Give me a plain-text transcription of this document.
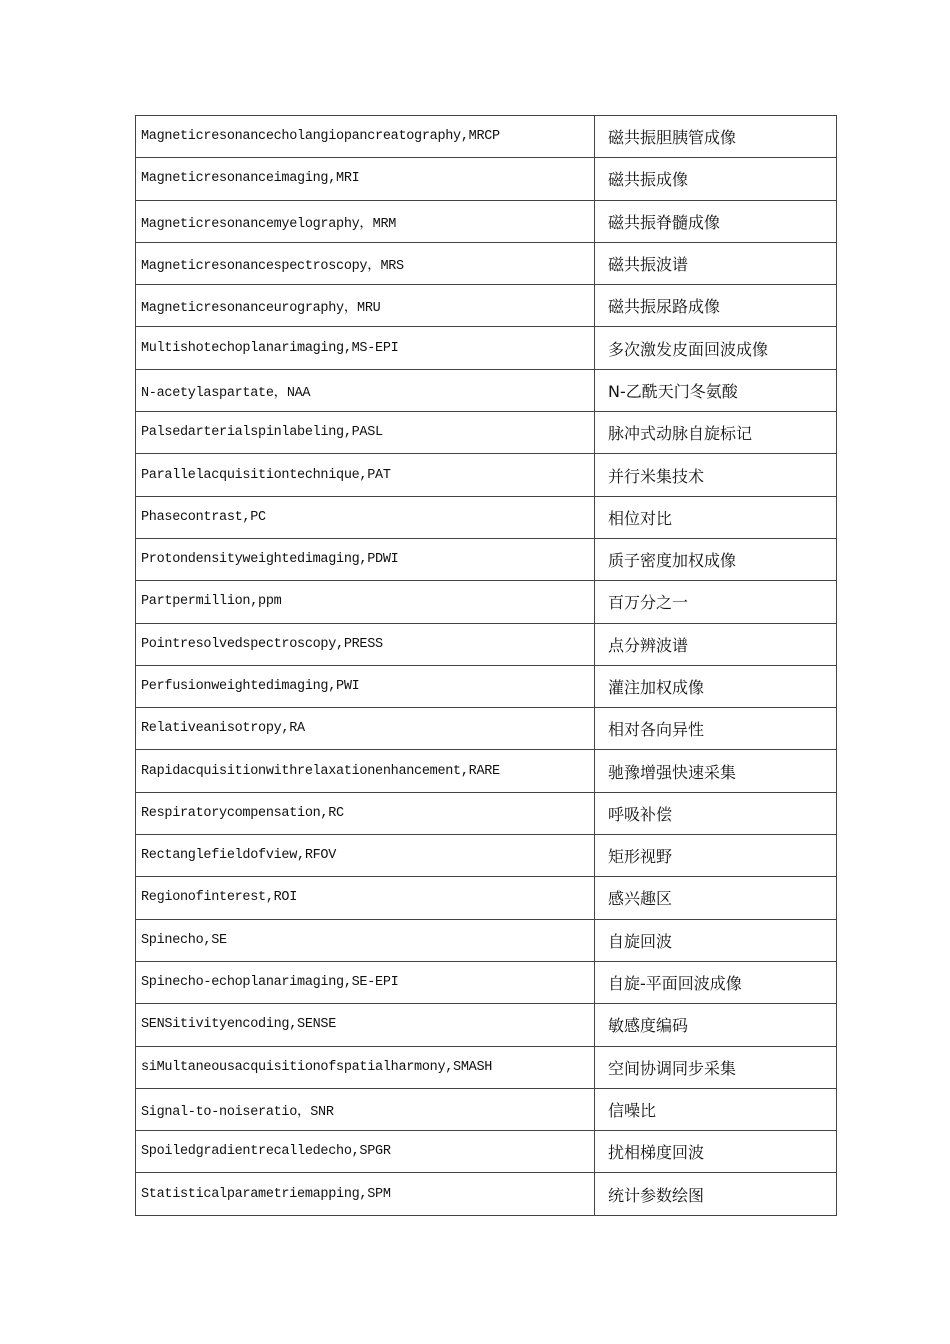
Magneticresonancecholangiopancreatography,MRCP	磁共振胆胰管成像
Magneticresonanceimaging,MRI	磁共振成像
Magneticresonancemyelography，MRM	磁共振脊髓成像
Magneticresonancespectroscopy，MRS	磁共振波谱
Magneticresonanceurography，MRU	磁共振尿路成像
Multishotechoplanarimaging,MS-EPI	多次激发皮面回波成像
N-acetylaspartate，NAA	N-乙酰天门冬氨酸
Palsedarterialspinlabeling,PASL	脉冲式动脉自旋标记
Parallelacquisitiontechnique,PAT	并行米集技术
Phasecontrast,PC	相位对比
Protondensityweightedimaging,PDWI	质子密度加权成像
Partpermillion,ppm	百万分之一
Pointresolvedspectroscopy,PRESS	点分辨波谱
Perfusionweightedimaging,PWI	灌注加权成像
Relativeanisotropy,RA	相对各向异性
Rapidacquisitionwithrelaxationenhancement,RARE	驰豫增强快速采集
Respiratorycompensation,RC	呼吸补偿
Rectanglefieldofview,RFOV	矩形视野
Regionofinterest,ROI	感兴趣区
Spinecho,SE	自旋回波
Spinecho-echoplanarimaging,SE-EPI	自旋-平面回波成像
SENSitivityencoding,SENSE	敏感度编码
siMultaneousacquisitionofspatialharmony,SMASH	空间协调同步采集
Signal-to-noiseratio，SNR	信噪比
Spoiledgradientrecalledecho,SPGR	扰相梯度回波
Statisticalparametriemapping,SPM	统计参数绘图
